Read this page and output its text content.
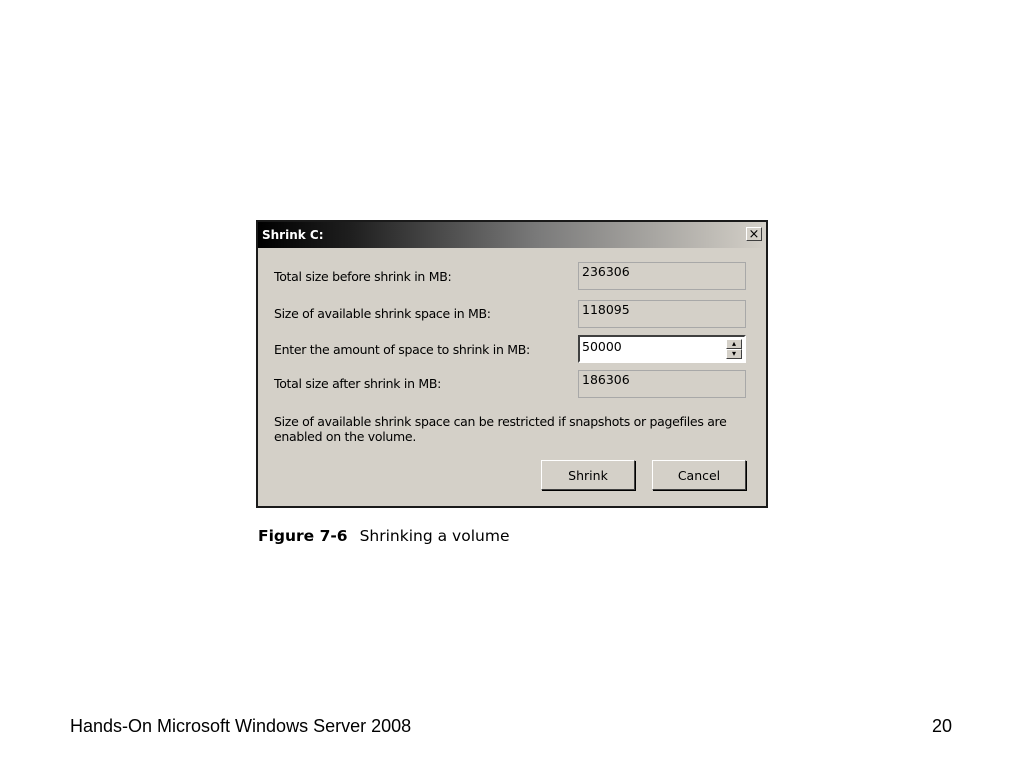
Shrink C:	×
Total size before shrink in MB:	236306
Size of available shrink space in MB:	118095
Enter the amount of space to shrink in MB:	50000	▴
▾
Total size after shrink in MB:	186306
Size of available shrink space can be restricted if snapshots or pagefiles are enabled on the volume.
Shrink	Cancel
Figure 7-6 Shrinking a volume
Hands-On Microsoft Windows Server 2008	20
